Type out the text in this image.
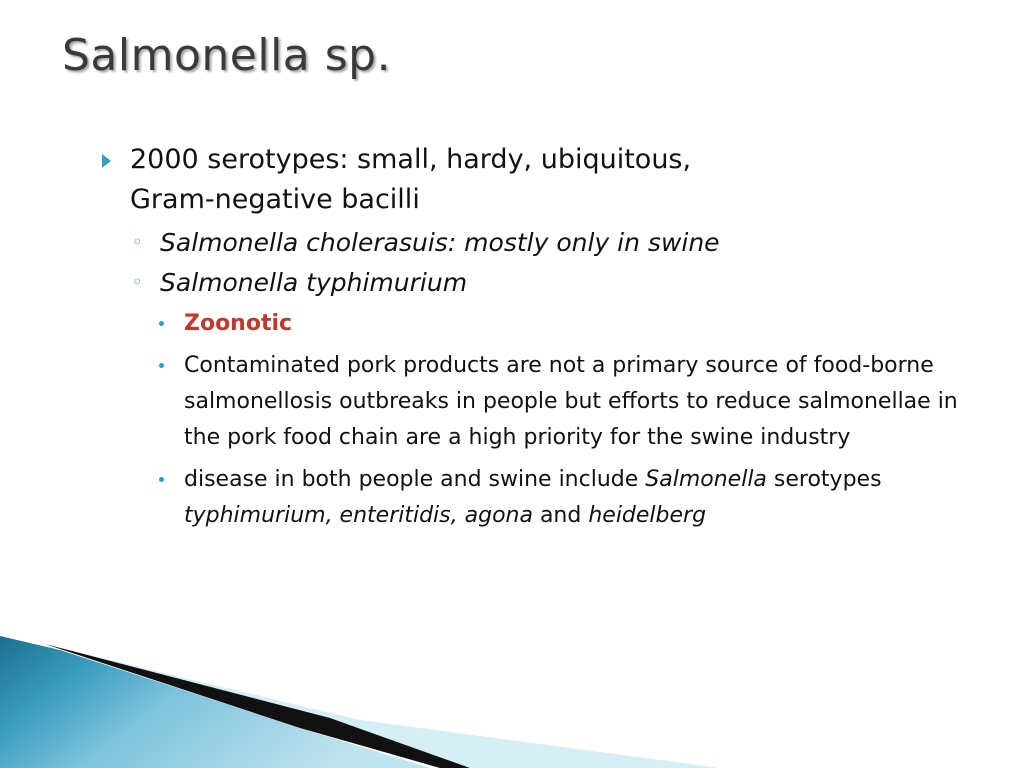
Salmonella sp.
2000 serotypes: small, hardy, ubiquitous,
Gram-negative bacilli
◦ Salmonella cholerasuis: mostly only in swine
◦ Salmonella typhimurium
Zoonotic
Contaminated pork products are not a primary source of food-borne salmonellosis outbreaks in people but efforts to reduce salmonellae in the pork food chain are a high priority for the swine industry
disease in both people and swine include Salmonella serotypes typhimurium, enteritidis, agona and heidelberg
